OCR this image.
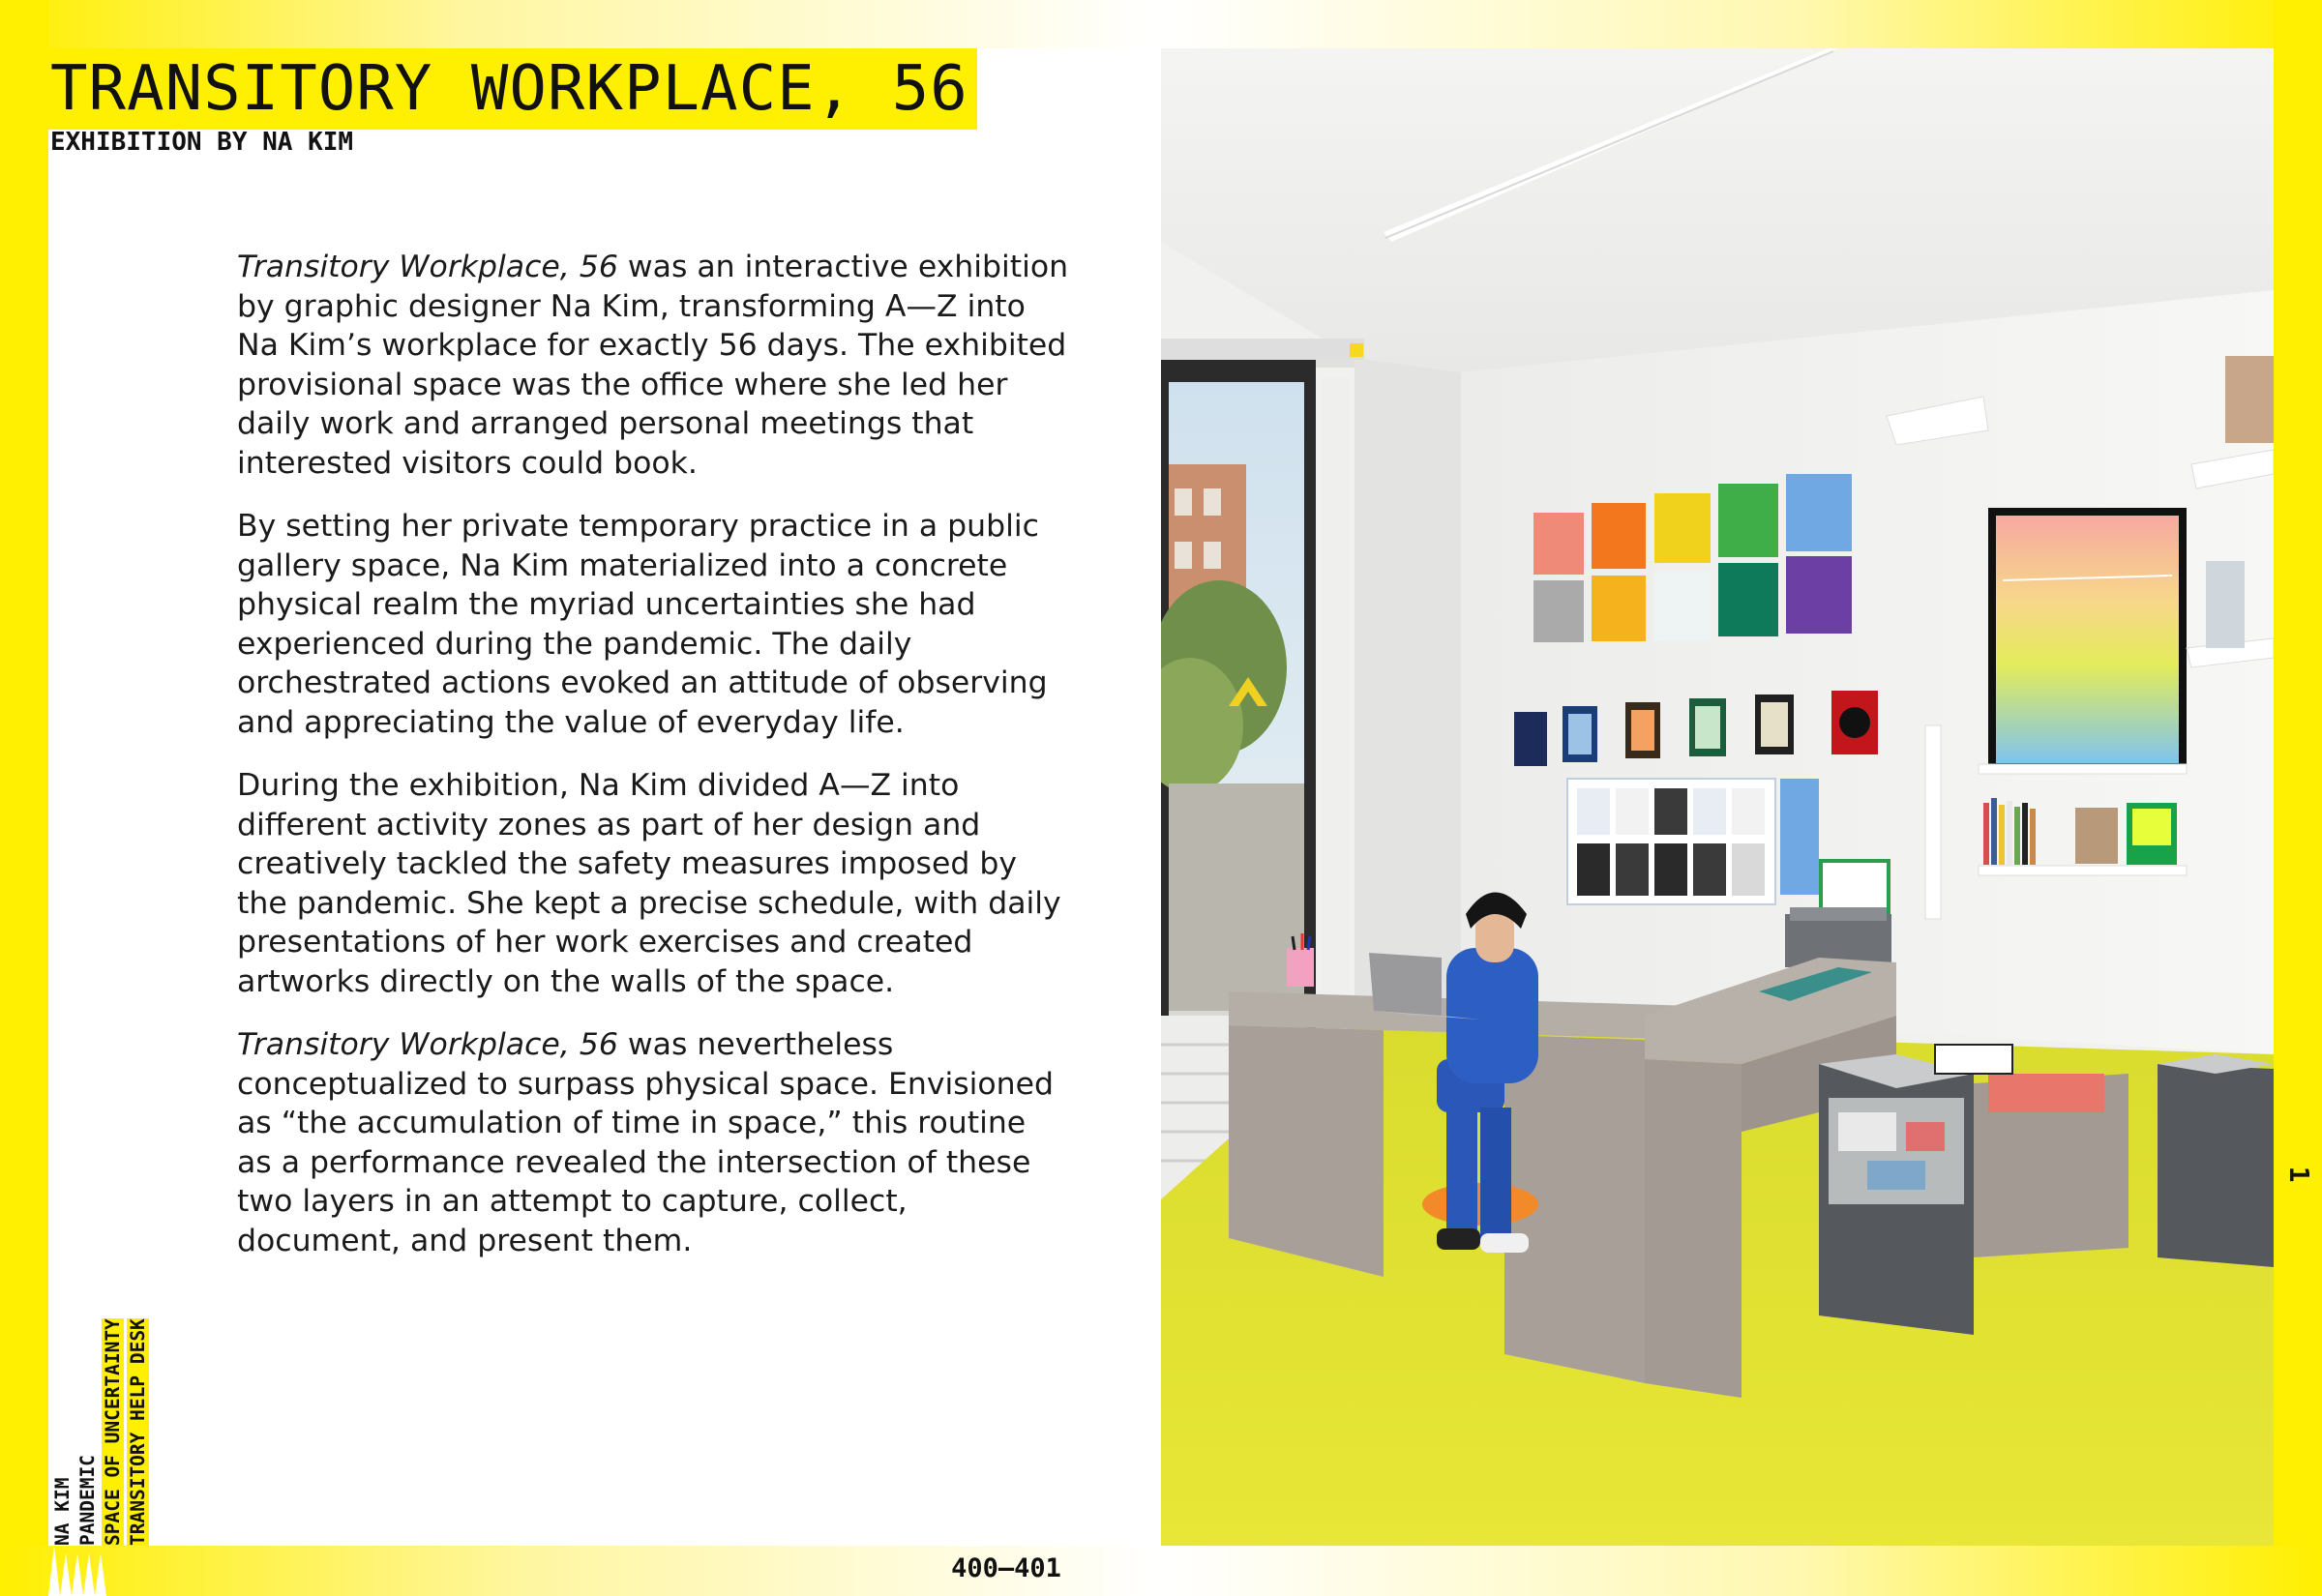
TRANSITORY WORKPLACE, 56
EXHIBITION BY NA KIM

Transitory Workplace, 56 was an interactive exhibition by graphic designer Na Kim, transforming A—Z into Na Kim’s workplace for exactly 56 days. The exhibited provisional space was the office where she led her daily work and arranged personal meetings that interested visitors could book.

By setting her private temporary practice in a public gallery space, Na Kim materialized into a concrete physical realm the myriad uncertainties she had experienced during the pandemic. The daily orchestrated actions evoked an attitude of observing and appreciating the value of everyday life.

During the exhibition, Na Kim divided A—Z into different activity zones as part of her design and creatively tackled the safety measures imposed by the pandemic. She kept a precise schedule, with daily presentations of her work exercises and created artworks directly on the walls of the space.

Transitory Workplace, 56 was nevertheless conceptualized to surpass physical space. Envisioned as “the accumulation of time in space,” this routine as a performance revealed the intersection of these two layers in an attempt to capture, collect, document, and present them.

NA KIM PANDEMIC SPACE OF UNCERTAINTY TRANSITORY HELP DESK
400–401
1
